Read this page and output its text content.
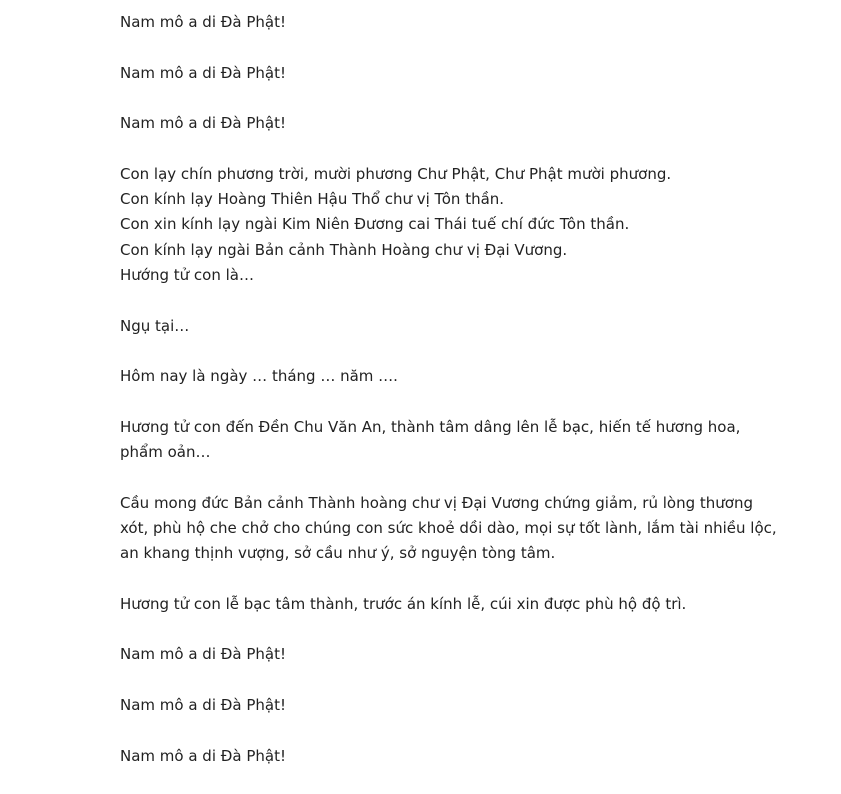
Nam mô a di Đà Phật!

Nam mô a di Đà Phật!

Nam mô a di Đà Phật!

Con lạy chín phương trời, mười phương Chư Phật, Chư Phật mười phương.
Con kính lạy Hoàng Thiên Hậu Thổ chư vị Tôn thần.
Con xin kính lạy ngài Kim Niên Đương cai Thái tuế chí đức Tôn thần.
Con kính lạy ngài Bản cảnh Thành Hoàng chư vị Đại Vương.
Hướng tử con là…

Ngụ tại…

Hôm nay là ngày … tháng … năm ….

Hương tử con đến Đền Chu Văn An, thành tâm dâng lên lễ bạc, hiến tế hương hoa, phẩm oản…

Cầu mong đức Bản cảnh Thành hoàng chư vị Đại Vương chứng giảm, rủ lòng thương xót, phù hộ che chở cho chúng con sức khoẻ dồi dào, mọi sự tốt lành, lắm tài nhiều lộc, an khang thịnh vượng, sở cầu như ý, sở nguyện tòng tâm.

Hương tử con lễ bạc tâm thành, trước án kính lễ, cúi xin được phù hộ độ trì.

Nam mô a di Đà Phật!

Nam mô a di Đà Phật!

Nam mô a di Đà Phật!
